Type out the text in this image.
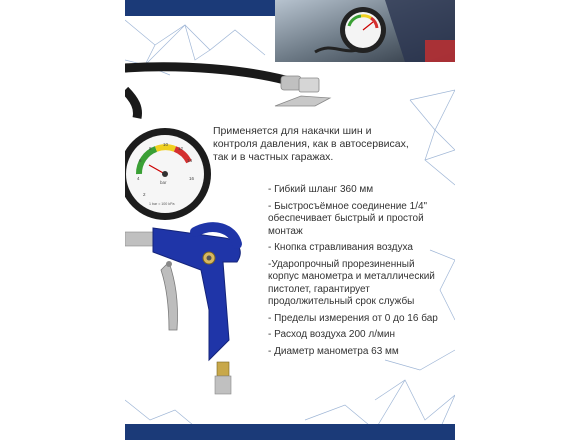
2
4
6
8
10
12
14
16
bar
1 bar = 100 kPa
Применяется для накачки шин и
контроля давления, как в автосервисах,
так и в частных гаражах.
- Гибкий шланг 360 мм
- Быстросъёмное соединение 1/4"
обеспечивает быстрый и простой
монтаж
- Кнопка стравливания воздуха
-Ударопрочный прорезиненный
корпус манометра и металлический
пистолет, гарантирует
продолжительный срок службы
- Пределы измерения от 0 до 16 бар
- Расход воздуха 200 л/мин
- Диаметр манометра 63 мм
